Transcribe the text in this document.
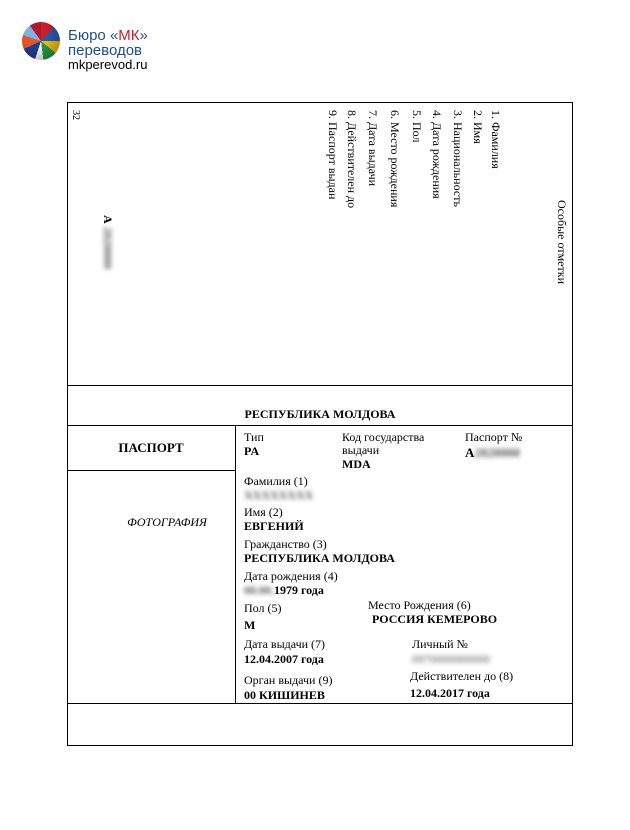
Бюро «МК»
переводов
mkperevod.ru
32
А 2020000
1. Фамилия
2. Имя
3. Национальность
4. Дата рождения
5. Пол
6. Место рождения
7. Дата выдачи
8. Действителен до
9. Паспорт выдан
Особые отметки
РЕСПУБЛИКА МОЛДОВА
ПАСПОРТ
ФОТОГРАФИЯ
Тип
PA
Код государства
выдачи
MDA
Паспорт №
А2020000
Фамилия (1)
ХХХХХХХХ
Имя (2)
ЕВГЕНИЙ
Гражданство (3)
РЕСПУБЛИКА МОЛДОВА
Дата рождения (4)
00.00.1979 года
Пол (5)
М
Место Рождения (6)
РОССИЯ КЕМЕРОВО
Дата выдачи (7)
12.04.2007 года
Личный №
0970000000000
Орган выдачи (9)
00 КИШИНЕВ
Действителен до (8)
12.04.2017 года
